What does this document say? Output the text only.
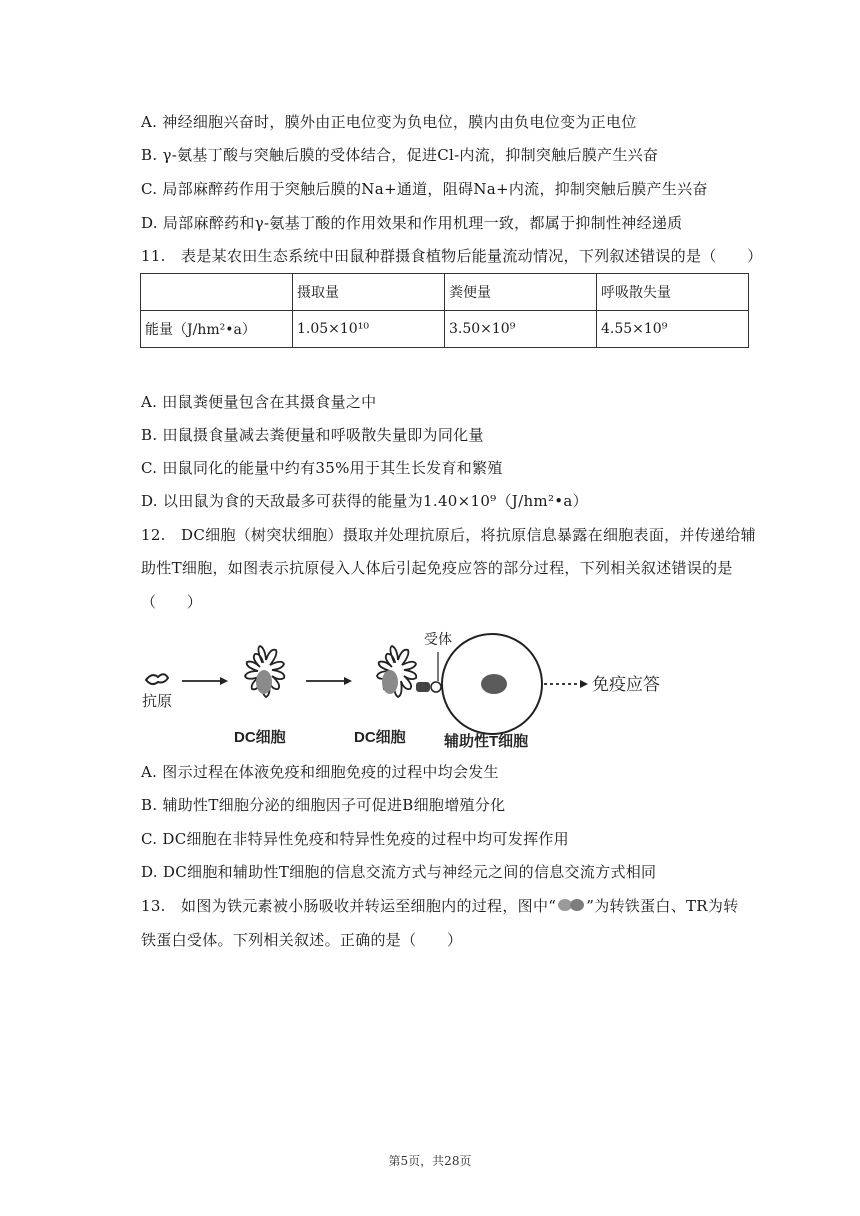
A. 神经细胞兴奋时，膜外由正电位变为负电位，膜内由负电位变为正电位
B. γ-氨基丁酸与突触后膜的受体结合，促进Cl-内流，抑制突触后膜产生兴奋
C. 局部麻醉药作用于突触后膜的Na+通道，阻碍Na+内流，抑制突触后膜产生兴奋
D. 局部麻醉药和γ-氨基丁酸的作用效果和作用机理一致，都属于抑制性神经递质
11.　表是某农田生态系统中田鼠种群摄食植物后能量流动情况，下列叙述错误的是（　　）
	摄取量	粪便量	呼吸散失量
能量（J/hm²•a）	1.05×10¹⁰	3.50×10⁹	4.55×10⁹
A. 田鼠粪便量包含在其摄食量之中
B. 田鼠摄食量减去粪便量和呼吸散失量即为同化量
C. 田鼠同化的能量中约有35%用于其生长发育和繁殖
D. 以田鼠为食的天敌最多可获得的能量为1.40×10⁹（J/hm²•a）
12.　DC细胞（树突状细胞）摄取并处理抗原后，将抗原信息暴露在细胞表面，并传递给辅
助性T细胞，如图表示抗原侵入人体后引起免疫应答的部分过程，下列相关叙述错误的是
（　　）
抗原
DC细胞	DC细胞
受体
辅助性T细胞
免疫应答
A. 图示过程在体液免疫和细胞免疫的过程中均会发生
B. 辅助性T细胞分泌的细胞因子可促进B细胞增殖分化
C. DC细胞在非特异性免疫和特异性免疫的过程中均可发挥作用
D. DC细胞和辅助性T细胞的信息交流方式与神经元之间的信息交流方式相同
13.　如图为铁元素被小肠吸收并转运至细胞内的过程，图中“ ”为转铁蛋白、TR为转
铁蛋白受体。下列相关叙述。正确的是（　　）
第5页，共28页
